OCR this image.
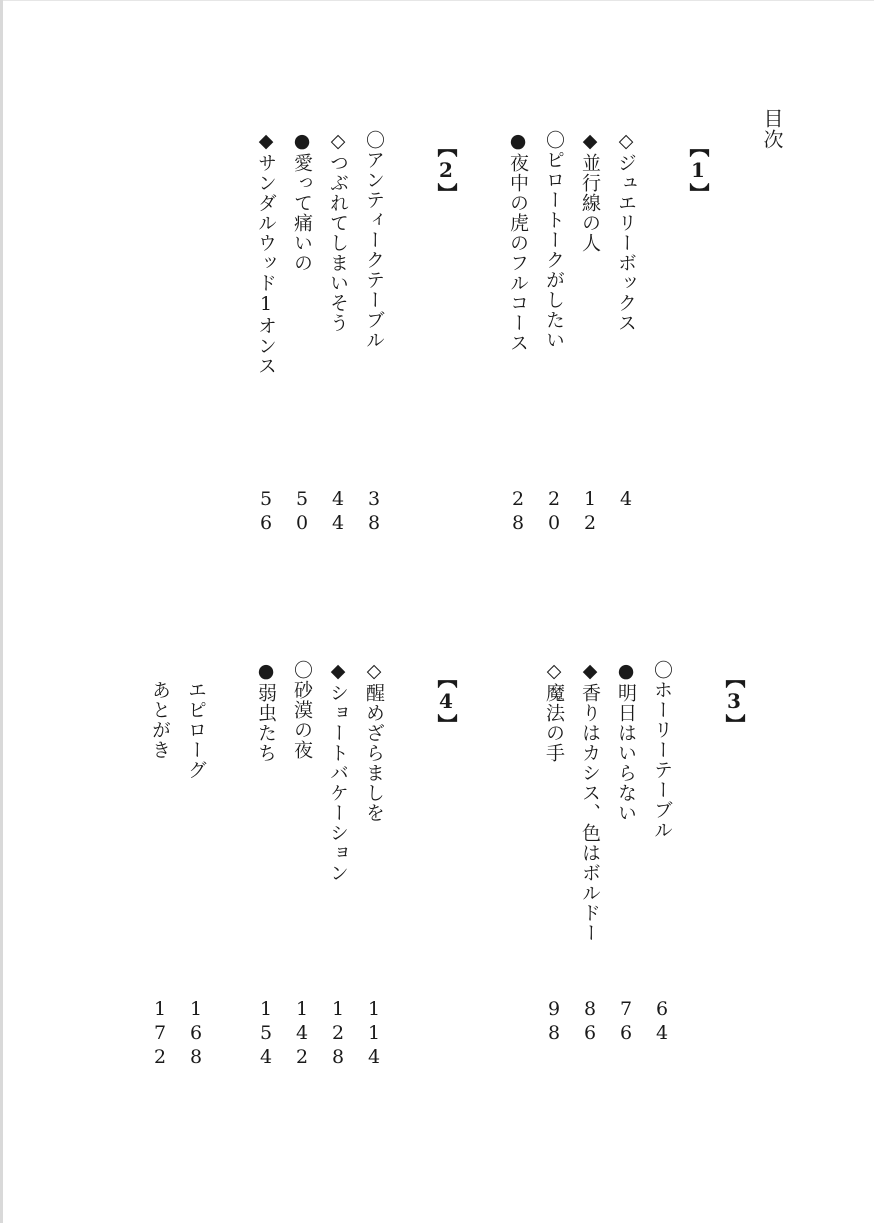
目次
【1】
◇ジュエリーボックス
4
◆並行線の人
12
〇ピロートークがしたい
20
●夜中の虎のフルコース
28
【2】
〇アンティークテーブル
38
◇つぶれてしまいそう
44
●愛って痛いの
50
◆サンダルウッド1オンス
56
【3】
〇ホーリーテーブル
64
●明日はいらない
76
◆香りはカシス、色はボルドー
86
◇魔法の手
98
【4】
◇醒めざらましを
114
◆ショートバケーション
128
〇砂漠の夜
142
●弱虫たち
154
エピローグ
168
あとがき
172
